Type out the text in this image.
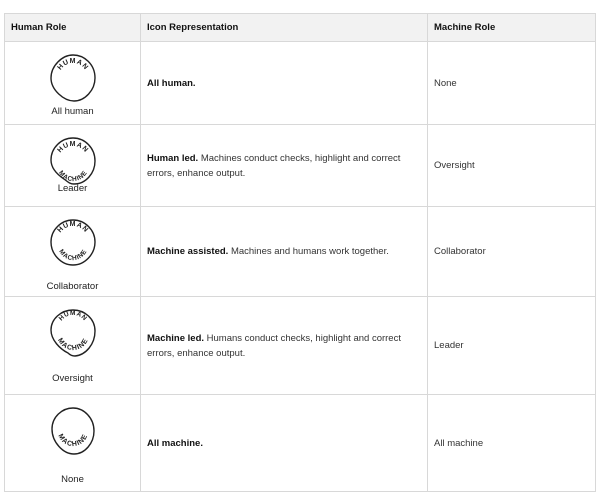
Human Role	Icon Representation	Machine Role

HUMAN
All human	All human.	None

HUMAN
MACHINE
Leader	Human led. Machines conduct checks, highlight and correct errors, enhance output.	Oversight

HUMAN
MACHINE
Collaborator	Machine assisted. Machines and humans work together.	Collaborator

HUMAN
MACHINE
Oversight	Machine led. Humans conduct checks, highlight and correct errors, enhance output.	Leader

MACHINE
None	All machine.	All machine
